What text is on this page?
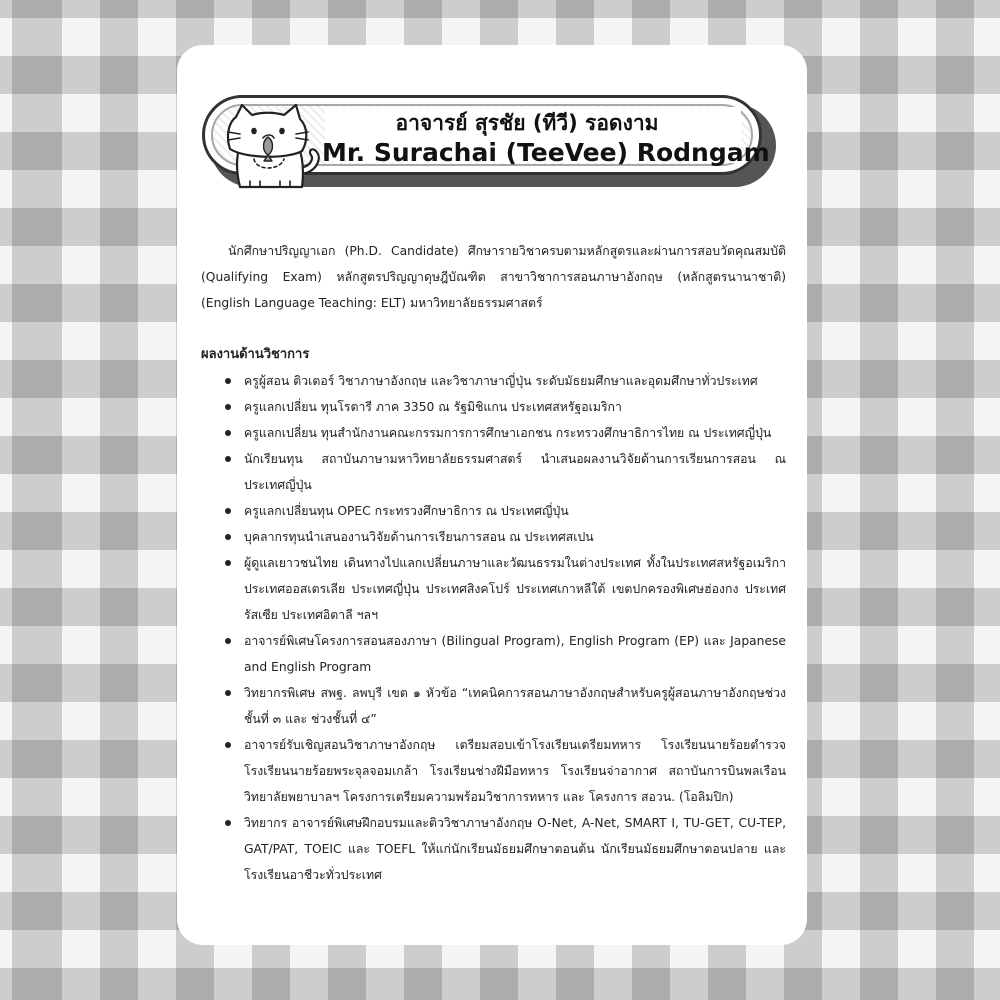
อาจารย์ สุรชัย (ทีวี) รอดงาม
Mr. Surachai (TeeVee) Rodngam

นักศึกษาปริญญาเอก (Ph.D. Candidate) ศึกษารายวิชาครบตามหลักสูตรและผ่านการสอบวัดคุณสมบัติ (Qualifying Exam) หลักสูตรปริญญาดุษฎีบัณฑิต สาขาวิชาการสอนภาษาอังกฤษ (หลักสูตรนานาชาติ) (English Language Teaching: ELT) มหาวิทยาลัยธรรมศาสตร์

ผลงานด้านวิชาการ
ครูผู้สอน ติวเตอร์ วิชาภาษาอังกฤษ และวิชาภาษาญี่ปุ่น ระดับมัธยมศึกษาและอุดมศึกษาทั่วประเทศ
ครูแลกเปลี่ยน ทุนโรตารี ภาค 3350 ณ รัฐมิชิแกน ประเทศสหรัฐอเมริกา
ครูแลกเปลี่ยน ทุนสำนักงานคณะกรรมการการศึกษาเอกชน กระทรวงศึกษาธิการไทย ณ ประเทศญี่ปุ่น
นักเรียนทุน สถาบันภาษามหาวิทยาลัยธรรมศาสตร์ นำเสนอผลงานวิจัยด้านการเรียนการสอน ณ ประเทศญี่ปุ่น
ครูแลกเปลี่ยนทุน OPEC กระทรวงศึกษาธิการ ณ ประเทศญี่ปุ่น
บุคลากรทุนนำเสนองานวิจัยด้านการเรียนการสอน ณ ประเทศสเปน
ผู้ดูแลเยาวชนไทย เดินทางไปแลกเปลี่ยนภาษาและวัฒนธรรมในต่างประเทศ ทั้งในประเทศสหรัฐอเมริกา ประเทศออสเตรเลีย ประเทศญี่ปุ่น ประเทศสิงคโปร์ ประเทศเกาหลีใต้ เขตปกครองพิเศษฮ่องกง ประเทศรัสเซีย ประเทศอิตาลี ฯลฯ
อาจารย์พิเศษโครงการสอนสองภาษา (Bilingual Program), English Program (EP) และ Japanese and English Program
วิทยากรพิเศษ สพฐ. ลพบุรี เขต ๑ หัวข้อ “เทคนิคการสอนภาษาอังกฤษสำหรับครูผู้สอนภาษาอังกฤษช่วงชั้นที่ ๓ และ ช่วงชั้นที่ ๔”
อาจารย์รับเชิญสอนวิชาภาษาอังกฤษ เตรียมสอบเข้าโรงเรียนเตรียมทหาร โรงเรียนนายร้อยตำรวจ โรงเรียนนายร้อยพระจุลจอมเกล้า โรงเรียนช่างฝีมือทหาร โรงเรียนจ่าอากาศ สถาบันการบินพลเรือน วิทยาลัยพยาบาลฯ โครงการเตรียมความพร้อมวิชาการทหาร และ โครงการ สอวน. (โอลิมปิก)
วิทยากร อาจารย์พิเศษฝึกอบรมและติววิชาภาษาอังกฤษ O-Net, A-Net, SMART I, TU-GET, CU-TEP, GAT/PAT, TOEIC และ TOEFL ให้แก่นักเรียนมัธยมศึกษาตอนต้น นักเรียนมัธยมศึกษาตอนปลาย และโรงเรียนอาชีวะทั่วประเทศ
